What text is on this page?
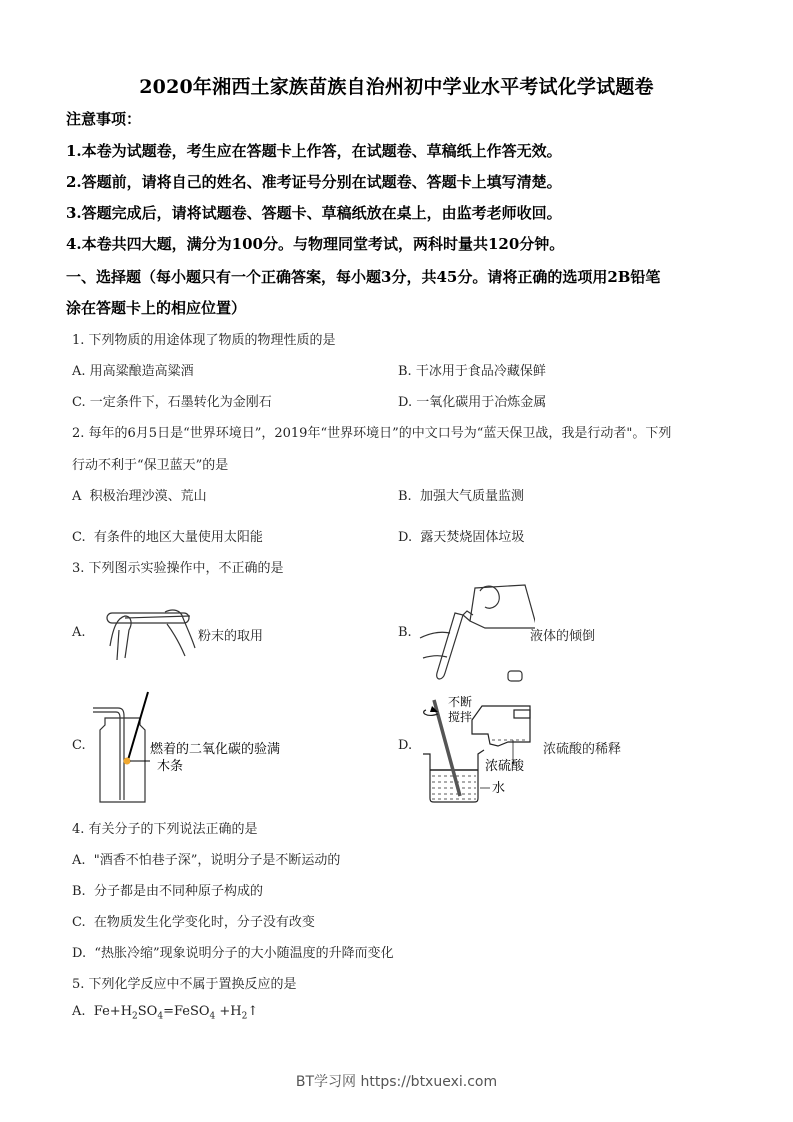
2020年湘西土家族苗族自治州初中学业水平考试化学试题卷
注意事项：
1.本卷为试题卷，考生应在答题卡上作答，在试题卷、草稿纸上作答无效。
2.答题前，请将自己的姓名、准考证号分别在试题卷、答题卡上填写清楚。
3.答题完成后，请将试题卷、答题卡、草稿纸放在桌上，由监考老师收回。
4.本卷共四大题，满分为100分。与物理同堂考试，两科时量共120分钟。
一、选择题（每小题只有一个正确答案，每小题3分，共45分。请将正确的选项用2B铅笔
涂在答题卡上的相应位置）
1. 下列物质的用途体现了物质的物理性质的是
A. 用高粱酿造高粱酒	B. 干冰用于食品冷藏保鲜
C. 一定条件下，石墨转化为金刚石	D. 一氧化碳用于冶炼金属
2. 每年的6月5日是“世界环境日”，2019年“世界环境日”的中文口号为“蓝天保卫战，我是行动者"。下列
行动不利于“保卫蓝天”的是
A 积极治理沙漠、荒山	B. 加强大气质量监测
C. 有条件的地区大量使用太阳能	D. 露天焚烧固体垃圾
3. 下列图示实验操作中，不正确的是
A.	粉末的取用	B.	液体的倾倒
C.	燃着的二氧化碳的验满
木条
D.
不断
搅拌
浓硫酸
水
浓硫酸的稀释
4. 有关分子的下列说法正确的是
A. "酒香不怕巷子深”，说明分子是不断运动的
B. 分子都是由不同种原子构成的
C. 在物质发生化学变化时，分子没有改变
D. “热胀冷缩”现象说明分子的大小随温度的升降而变化
5. 下列化学反应中不属于置换反应的是
A. $Fe+H_2SO_4=FeSO_4$ $+H_2↑$
BT学习网 https://btxuexi.com
